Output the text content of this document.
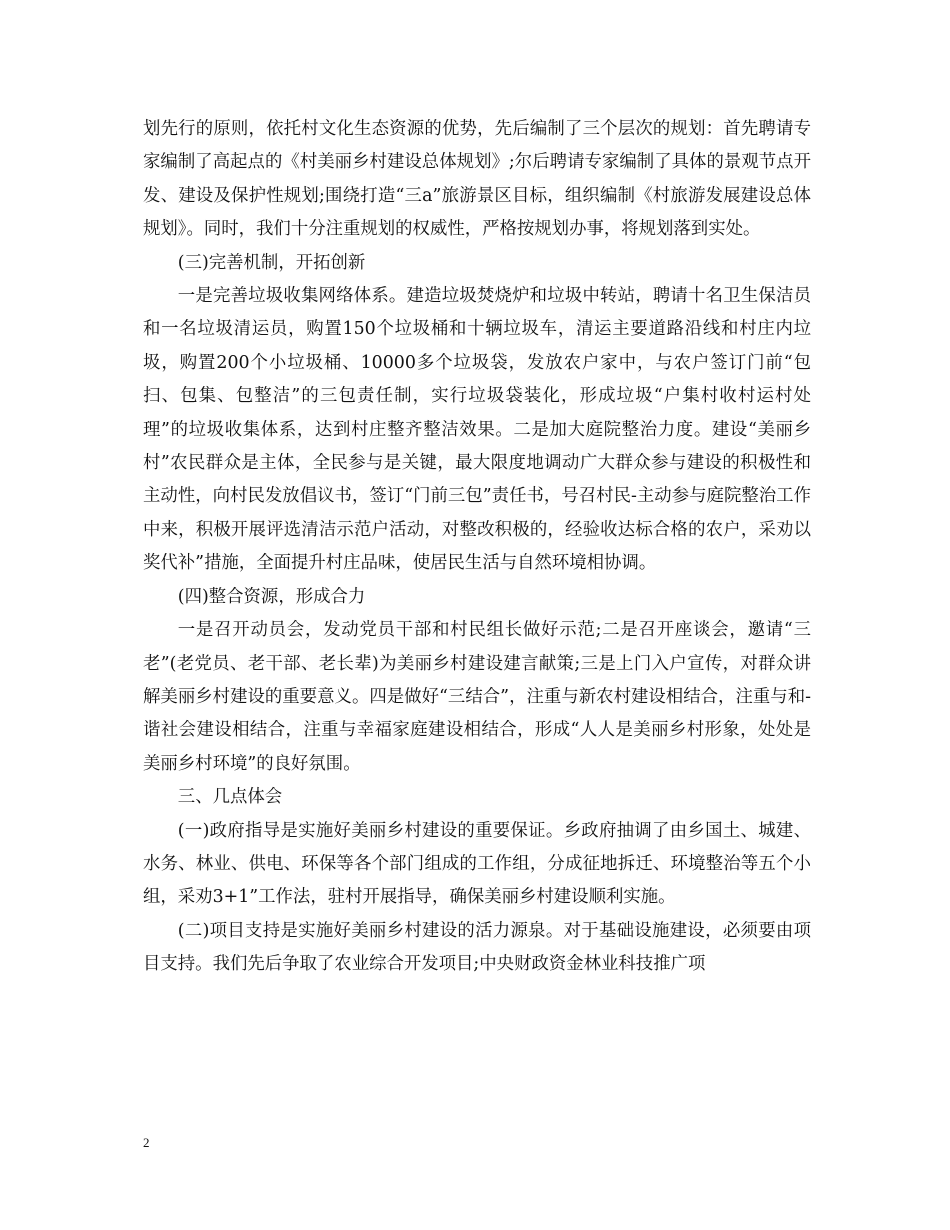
划先行的原则，依托村文化生态资源的优势，先后编制了三个层次的规划：首先聘请专家编制了高起点的《村美丽乡村建设总体规划》;尔后聘请专家编制了具体的景观节点开发、建设及保护性规划;围绕打造“三a”旅游景区目标，组织编制《村旅游发展建设总体规划》。同时，我们十分注重规划的权威性，严格按规划办事，将规划落到实处。

(三)完善机制，开拓创新

一是完善垃圾收集网络体系。建造垃圾焚烧炉和垃圾中转站，聘请十名卫生保洁员和一名垃圾清运员，购置150个垃圾桶和十辆垃圾车，清运主要道路沿线和村庄内垃圾，购置200个小垃圾桶、10000多个垃圾袋，发放农户家中，与农户签订门前“包扫、包集、包整洁”的三包责任制，实行垃圾袋装化，形成垃圾“户集村收村运村处理”的垃圾收集体系，达到村庄整齐整洁效果。二是加大庭院整治力度。建设“美丽乡村”农民群众是主体，全民参与是关键，最大限度地调动广大群众参与建设的积极性和主动性，向村民发放倡议书，签订“门前三包”责任书，号召村民-主动参与庭院整治工作中来，积极开展评选清洁示范户活动，对整改积极的，经验收达标合格的农户，采劝以奖代补”措施，全面提升村庄品味，使居民生活与自然环境相协调。

(四)整合资源，形成合力

一是召开动员会，发动党员干部和村民组长做好示范;二是召开座谈会，邀请“三老”(老党员、老干部、老长辈)为美丽乡村建设建言献策;三是上门入户宣传，对群众讲解美丽乡村建设的重要意义。四是做好“三结合”，注重与新农村建设相结合，注重与和-谐社会建设相结合，注重与幸福家庭建设相结合，形成“人人是美丽乡村形象，处处是美丽乡村环境”的良好氛围。

三、几点体会

(一)政府指导是实施好美丽乡村建设的重要保证。乡政府抽调了由乡国土、城建、水务、林业、供电、环保等各个部门组成的工作组，分成征地拆迁、环境整治等五个小组，采劝3+1”工作法，驻村开展指导，确保美丽乡村建设顺利实施。

(二)项目支持是实施好美丽乡村建设的活力源泉。对于基础设施建设，必须要由项目支持。我们先后争取了农业综合开发项目;中央财政资金林业科技推广项

2
